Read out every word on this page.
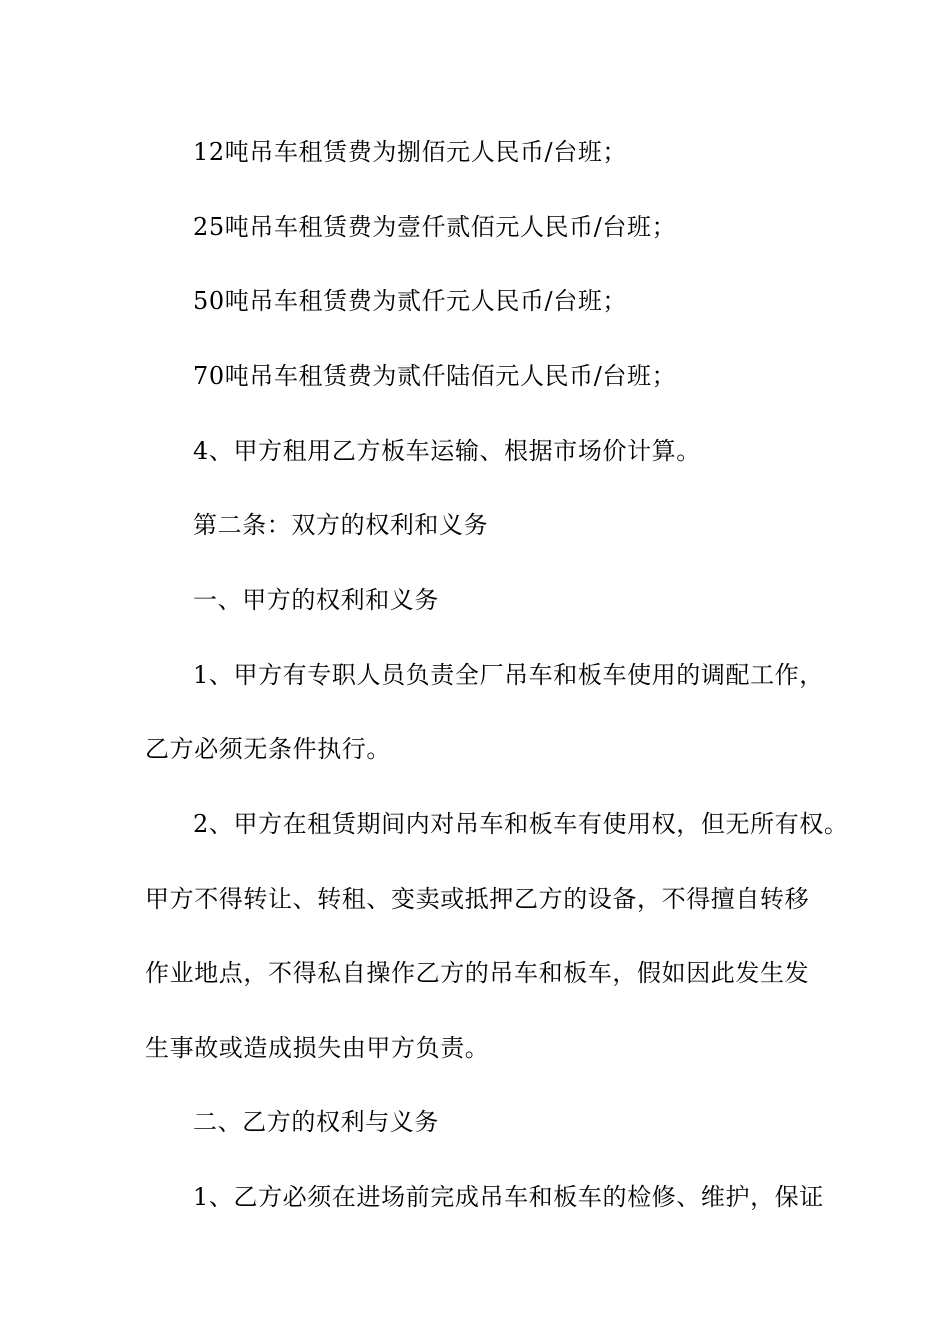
12吨吊车租赁费为捌佰元人民币/台班；
25吨吊车租赁费为壹仟贰佰元人民币/台班；
50吨吊车租赁费为贰仟元人民币/台班；
70吨吊车租赁费为贰仟陆佰元人民币/台班；
4、甲方租用乙方板车运输、根据市场价计算。
第二条：双方的权利和义务
一、甲方的权利和义务
1、甲方有专职人员负责全厂吊车和板车使用的调配工作，
乙方必须无条件执行。
2、甲方在租赁期间内对吊车和板车有使用权，但无所有权。
甲方不得转让、转租、变卖或抵押乙方的设备，不得擅自转移
作业地点，不得私自操作乙方的吊车和板车，假如因此发生发
生事故或造成损失由甲方负责。
二、乙方的权利与义务
1、乙方必须在进场前完成吊车和板车的检修、维护，保证
